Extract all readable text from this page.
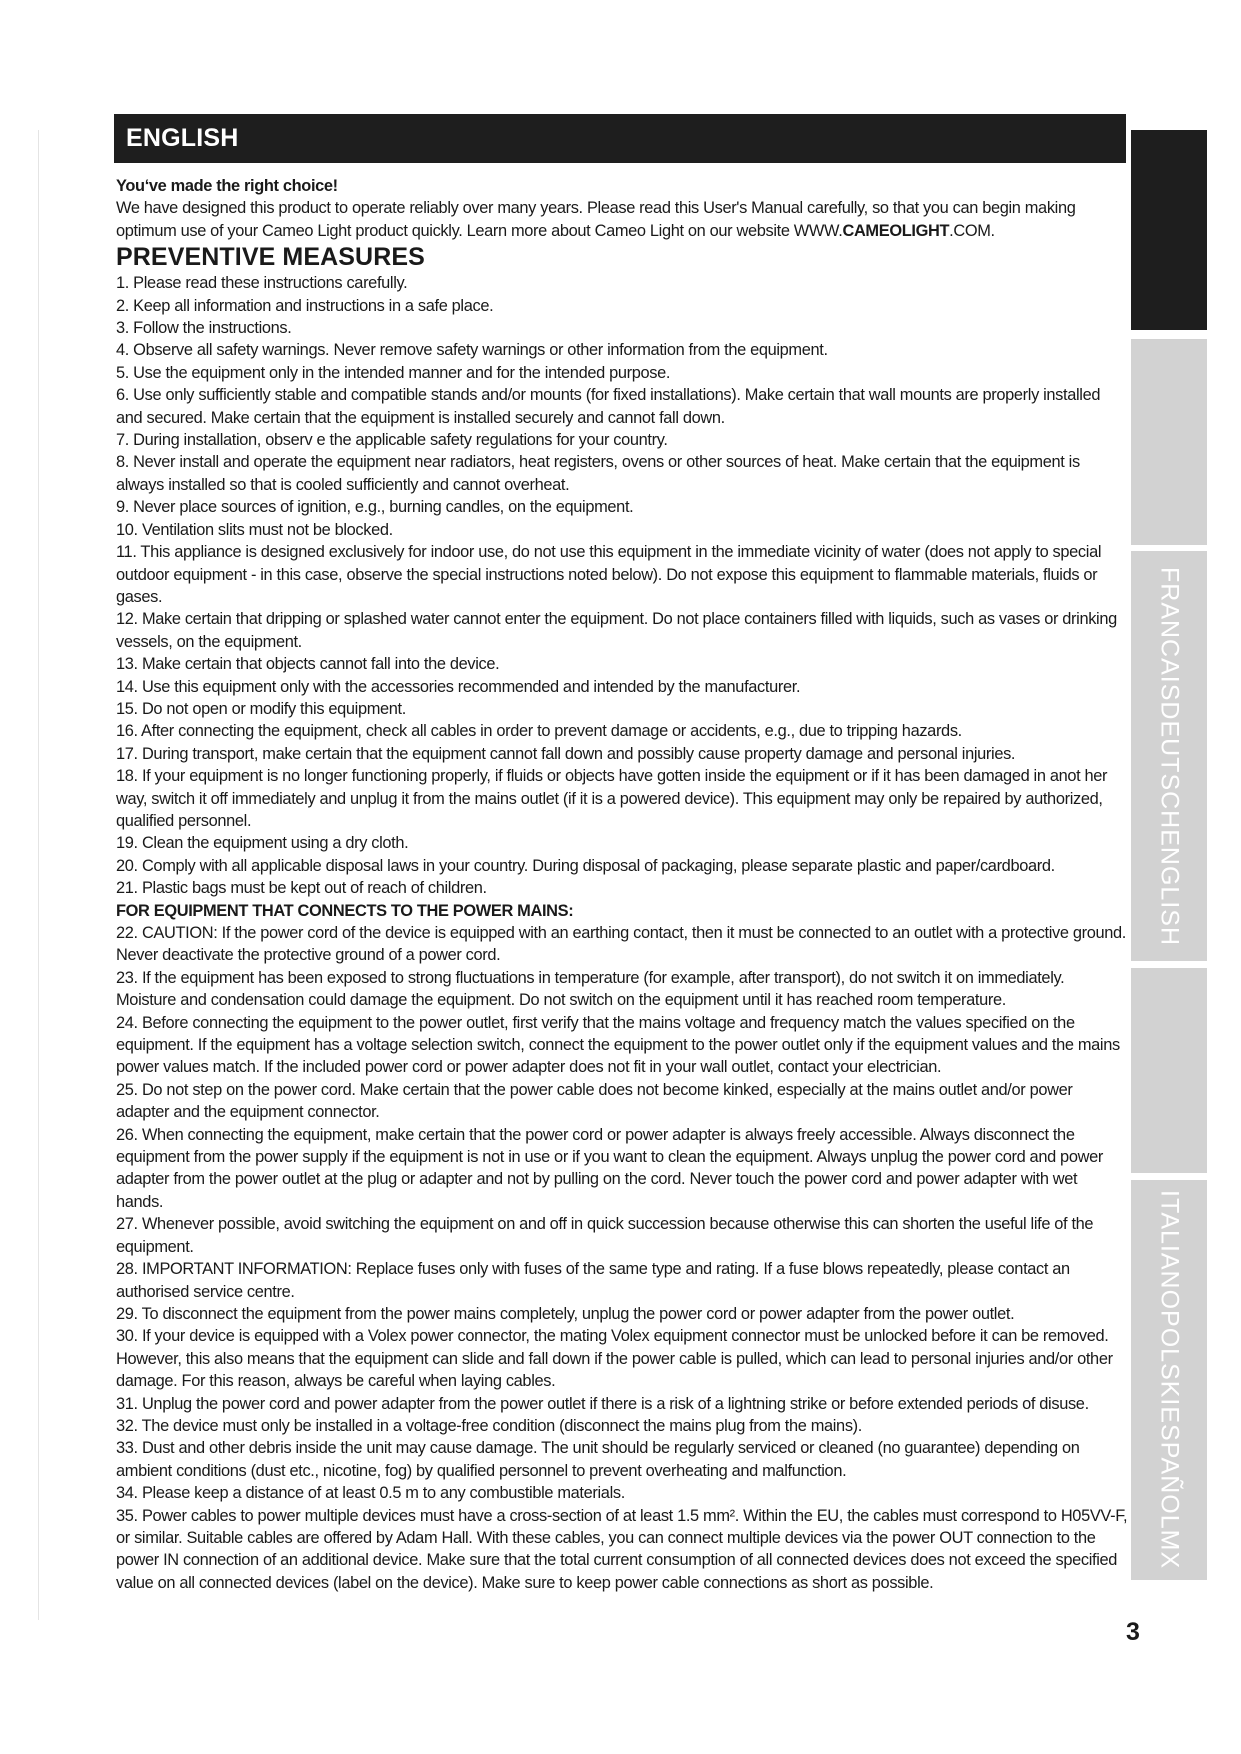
ENGLISH

You‘ve made the right choice!

We have designed this product to operate reliably over many years. Please read this User's Manual carefully, so that you can begin making optimum use of your Cameo Light product quickly. Learn more about Cameo Light on our website WWW.CAMEOLIGHT.COM.

PREVENTIVE MEASURES

1. Please read these instructions carefully.

2. Keep all information and instructions in a safe place.

3. Follow the instructions.

4. Observe all safety warnings. Never remove safety warnings or other information from the equipment.

5. Use the equipment only in the intended manner and for the intended purpose.

6. Use only sufficiently stable and compatible stands and/or mounts (for fixed installations). Make certain that wall mounts are properly installed and secured. Make certain that the equipment is installed securely and cannot fall down.

7. During installation, observ e the applicable safety regulations for your country.

8. Never install and operate the equipment near radiators, heat registers, ovens or other sources of heat. Make certain that the equipment is always installed so that is cooled sufficiently and cannot overheat.

9. Never place sources of ignition, e.g., burning candles, on the equipment.

10. Ventilation slits must not be blocked.

11. This appliance is designed exclusively for indoor use, do not use this equipment in the immediate vicinity of water (does not apply to special outdoor equipment - in this case, observe the special instructions noted below). Do not expose this equipment to flammable materials, fluids or gases.

12. Make certain that dripping or splashed water cannot enter the equipment. Do not place containers filled with liquids, such as vases or drinking vessels, on the equipment.

13. Make certain that objects cannot fall into the device.

14. Use this equipment only with the accessories recommended and intended by the manufacturer.

15. Do not open or modify this equipment.

16. After connecting the equipment, check all cables in order to prevent damage or accidents, e.g., due to tripping hazards.

17. During transport, make certain that the equipment cannot fall down and possibly cause property damage and personal injuries.

18. If your equipment is no longer functioning properly, if fluids or objects have gotten inside the equipment or if it has been damaged in anot her way, switch it off immediately and unplug it from the mains outlet (if it is a powered device). This equipment may only be repaired by authorized, qualified personnel.

19. Clean the equipment using a dry cloth.

20. Comply with all applicable disposal laws in your country. During disposal of packaging, please separate plastic and paper/cardboard.

21. Plastic bags must be kept out of reach of children.

FOR EQUIPMENT THAT CONNECTS TO THE POWER MAINS:

22. CAUTION: If the power cord of the device is equipped with an earthing contact, then it must be connected to an outlet with a protective ground. Never deactivate the protective ground of a power cord.

23. If the equipment has been exposed to strong fluctuations in temperature (for example, after transport), do not switch it on immediately. Moisture and condensation could damage the equipment. Do not switch on the equipment until it has reached room temperature.

24. Before connecting the equipment to the power outlet, first verify that the mains voltage and frequency match the values specified on the equipment. If the equipment has a voltage selection switch, connect the equipment to the power outlet only if the equipment values and the mains power values match. If the included power cord or power adapter does not fit in your wall outlet, contact your electrician.

25. Do not step on the power cord. Make certain that the power cable does not become kinked, especially at the mains outlet and/or power adapter and the equipment connector.

26. When connecting the equipment, make certain that the power cord or power adapter is always freely accessible. Always disconnect the equipment from the power supply if the equipment is not in use or if you want to clean the equipment. Always unplug the power cord and power adapter from the power outlet at the plug or adapter and not by pulling on the cord. Never touch the power cord and power adapter with wet hands.

27. Whenever possible, avoid switching the equipment on and off in quick succession because otherwise this can shorten the useful life of the equipment.

28. IMPORTANT INFORMATION: Replace fuses only with fuses of the same type and rating. If a fuse blows repeatedly, please contact an authorised service centre.

29. To disconnect the equipment from the power mains completely, unplug the power cord or power adapter from the power outlet.

30. If your device is equipped with a Volex power connector, the mating Volex equipment connector must be unlocked before it can be removed. However, this also means that the equipment can slide and fall down if the power cable is pulled, which can lead to personal injuries and/or other damage. For this reason, always be careful when laying cables.

31. Unplug the power cord and power adapter from the power outlet if there is a risk of a lightning strike or before extended periods of disuse.

32. The device must only be installed in a voltage-free condition (disconnect the mains plug from the mains).

33. Dust and other debris inside the unit may cause damage. The unit should be regularly serviced or cleaned (no guarantee) depending on ambient conditions (dust etc., nicotine, fog) by qualified personnel to prevent overheating and malfunction.

34. Please keep a distance of at least 0.5 m to any combustible materials.

35. Power cables to power multiple devices must have a cross-section of at least 1.5 mm². Within the EU, the cables must correspond to H05VV-F, or similar. Suitable cables are offered by Adam Hall. With these cables, you can connect multiple devices via the power OUT connection to the power IN connection of an additional device. Make sure that the total current consumption of all connected devices does not exceed the specified value on all connected devices (label on the device). Make sure to keep power cable connections as short as possible.

FRANCAISDEUTSCHENGLISH
ITALIANOPOLSKIESPAÑOLMX
3
